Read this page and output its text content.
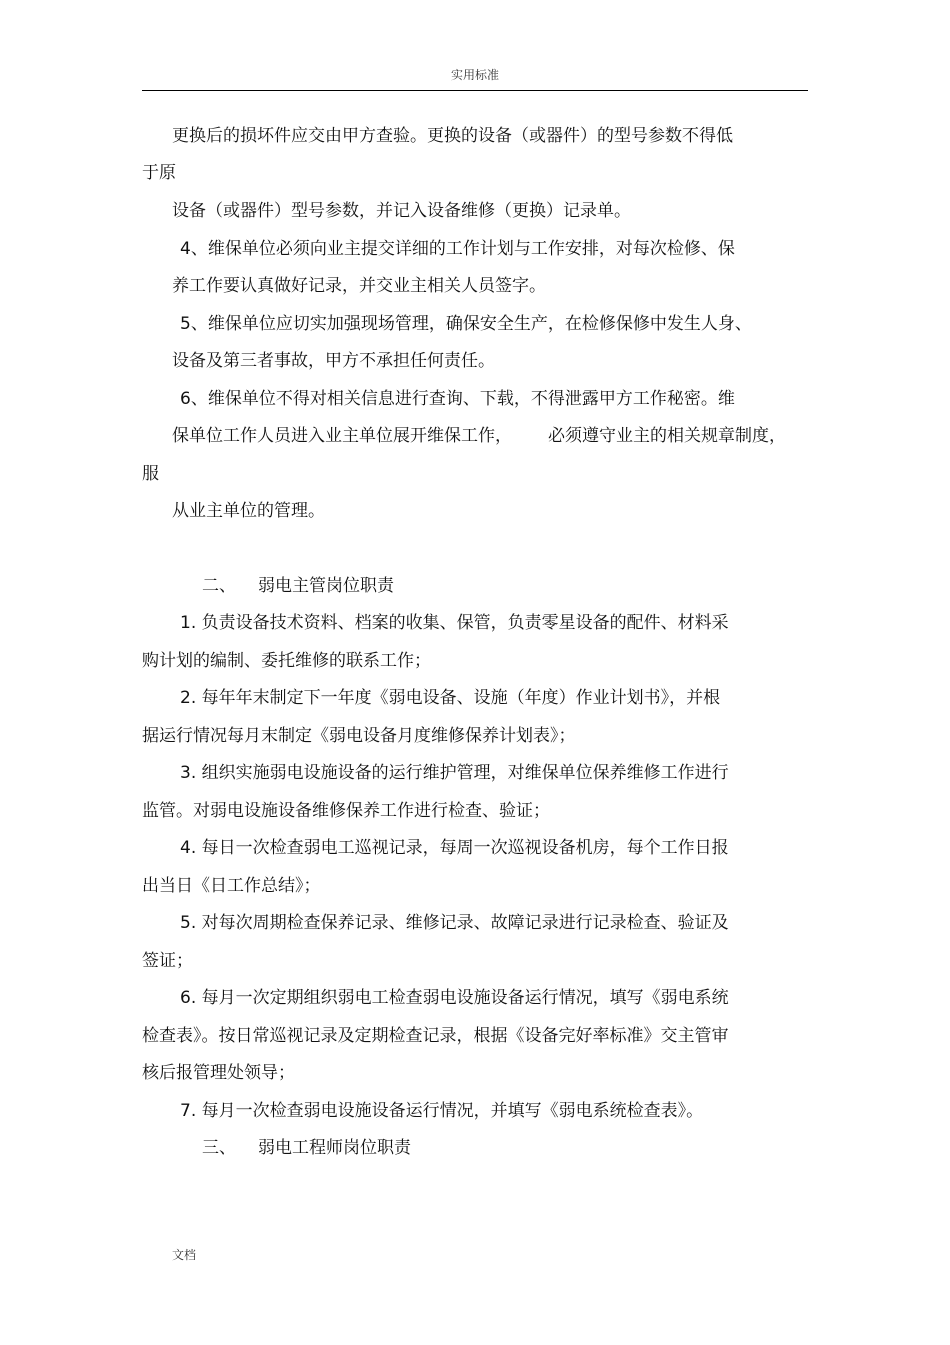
实用标准
更换后的损坏件应交由甲方查验。更换的设备（或器件）的型号参数不得低
于原
设备（或器件）型号参数，并记入设备维修（更换）记录单。
4、维保单位必须向业主提交详细的工作计划与工作安排，对每次检修、保
养工作要认真做好记录，并交业主相关人员签字。
5、维保单位应切实加强现场管理，确保安全生产，在检修保修中发生人身、
设备及第三者事故，甲方不承担任何责任。
6、维保单位不得对相关信息进行查询、下载，不得泄露甲方工作秘密。维
保单位工作人员进入业主单位展开维保工作， 必须遵守业主的相关规章制度，
服
从业主单位的管理。
二、 弱电主管岗位职责
1. 负责设备技术资料、档案的收集、保管，负责零星设备的配件、材料采
购计划的编制、委托维修的联系工作；
2. 每年年末制定下一年度《弱电设备、设施（年度）作业计划书》，并根
据运行情况每月末制定《弱电设备月度维修保养计划表》；
3. 组织实施弱电设施设备的运行维护管理，对维保单位保养维修工作进行
监管。对弱电设施设备维修保养工作进行检查、验证；
4. 每日一次检查弱电工巡视记录，每周一次巡视设备机房，每个工作日报
出当日《日工作总结》；
5. 对每次周期检查保养记录、维修记录、故障记录进行记录检查、验证及
签证；
6. 每月一次定期组织弱电工检查弱电设施设备运行情况，填写《弱电系统
检查表》。按日常巡视记录及定期检查记录，根据《设备完好率标准》交主管审
核后报管理处领导；
7. 每月一次检查弱电设施设备运行情况，并填写《弱电系统检查表》。
三、 弱电工程师岗位职责
文档
